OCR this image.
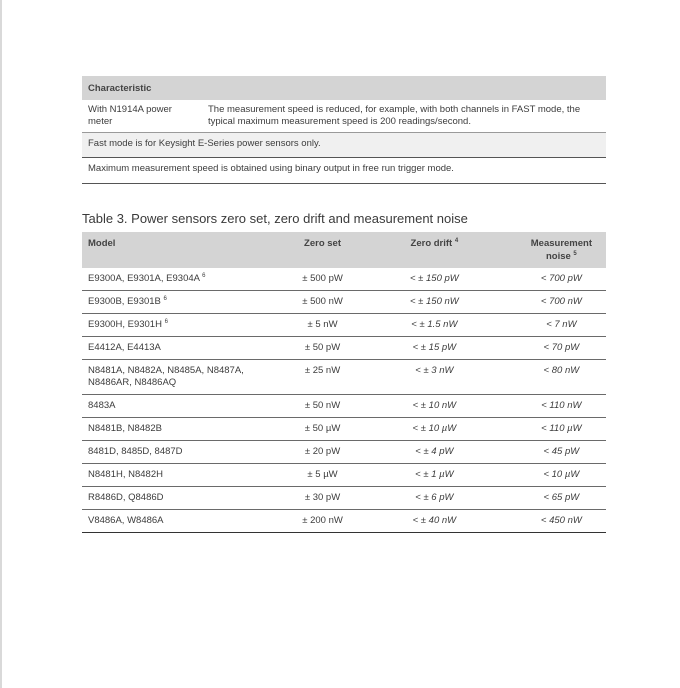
Characteristic
With N1914A power meter	The measurement speed is reduced, for example, with both channels in FAST mode, the typical maximum measurement speed is 200 readings/second.
Fast mode is for Keysight E-Series power sensors only.
Maximum measurement speed is obtained using binary output in free run trigger mode.
Table 3. Power sensors zero set, zero drift and measurement noise
Model	Zero set	Zero drift $^4$	Measurement noise $^5$
E9300A, E9301A, E9304A $^6$	± 500 pW	< ± 150 pW	< 700 pW
E9300B, E9301B $^6$	± 500 nW	< ± 150 nW	< 700 nW
E9300H, E9301H $^6$	± 5 nW	< ± 1.5 nW	< 7 nW
E4412A, E4413A	± 50 pW	< ± 15 pW	< 70 pW
N8481A, N8482A, N8485A, N8487A, N8486AR, N8486AQ	± 25 nW	< ± 3 nW	< 80 nW
8483A	± 50 nW	< ± 10 nW	< 110 nW
N8481B, N8482B	± 50 µW	< ± 10 µW	< 110 µW
8481D, 8485D, 8487D	± 20 pW	< ± 4 pW	< 45 pW
N8481H, N8482H	± 5 µW	< ± 1 µW	< 10 µW
R8486D, Q8486D	± 30 pW	< ± 6 pW	< 65 pW
V8486A, W8486A	± 200 nW	< ± 40 nW	< 450 nW
